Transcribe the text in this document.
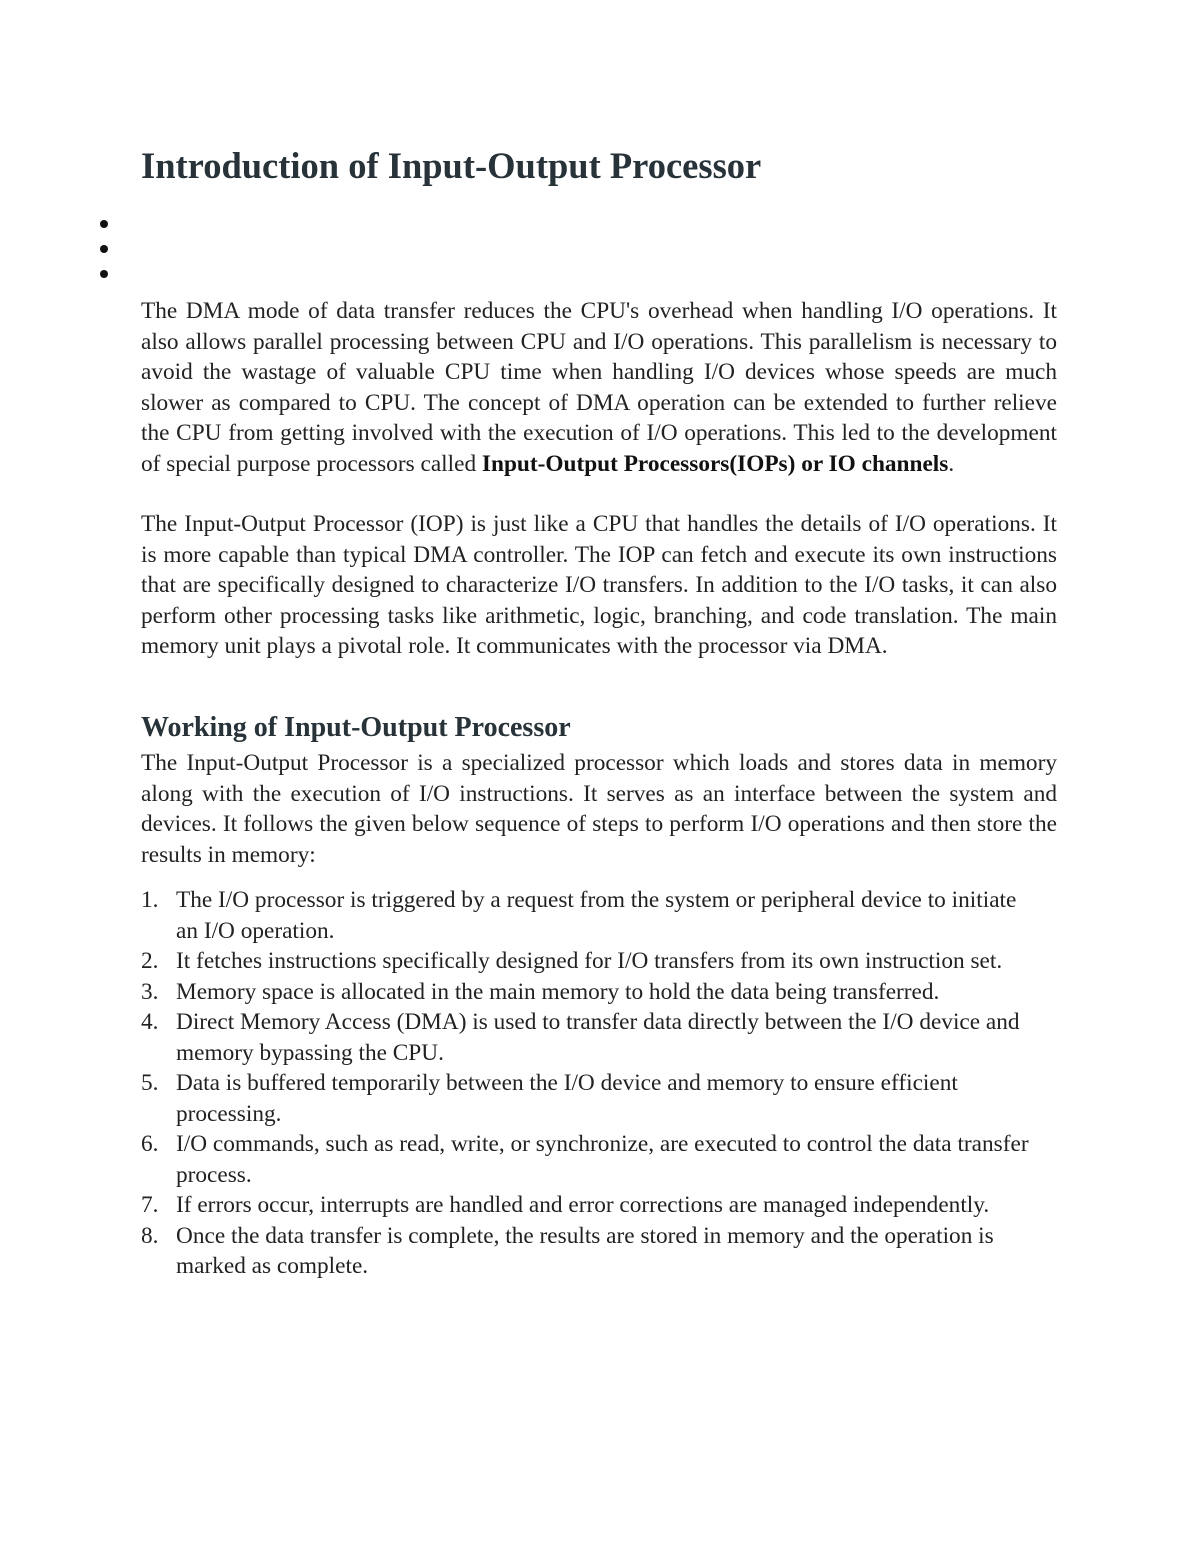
Introduction of Input-Output Processor

The DMA mode of data transfer reduces the CPU's overhead when handling I/O operations. It also allows parallel processing between CPU and I/O operations. This parallelism is necessary to avoid the wastage of valuable CPU time when handling I/O devices whose speeds are much slower as compared to CPU. The concept of DMA operation can be extended to further relieve the CPU from getting involved with the execution of I/O operations. This led to the development of special purpose processors called Input-Output Processors(IOPs) or IO channels.

The Input-Output Processor (IOP) is just like a CPU that handles the details of I/O operations. It is more capable than typical DMA controller. The IOP can fetch and execute its own instructions that are specifically designed to characterize I/O transfers. In addition to the I/O tasks, it can also perform other processing tasks like arithmetic, logic, branching, and code translation. The main memory unit plays a pivotal role. It communicates with the processor via DMA.

Working of Input-Output Processor

The Input-Output Processor is a specialized processor which loads and stores data in memory along with the execution of I/O instructions. It serves as an interface between the system and devices. It follows the given below sequence of steps to perform I/O operations and then store the results in memory:

1. The I/O processor is triggered by a request from the system or peripheral device to initiate an I/O operation.
2. It fetches instructions specifically designed for I/O transfers from its own instruction set.
3. Memory space is allocated in the main memory to hold the data being transferred.
4. Direct Memory Access (DMA) is used to transfer data directly between the I/O device and memory bypassing the CPU.
5. Data is buffered temporarily between the I/O device and memory to ensure efficient processing.
6. I/O commands, such as read, write, or synchronize, are executed to control the data transfer process.
7. If errors occur, interrupts are handled and error corrections are managed independently.
8. Once the data transfer is complete, the results are stored in memory and the operation is marked as complete.
